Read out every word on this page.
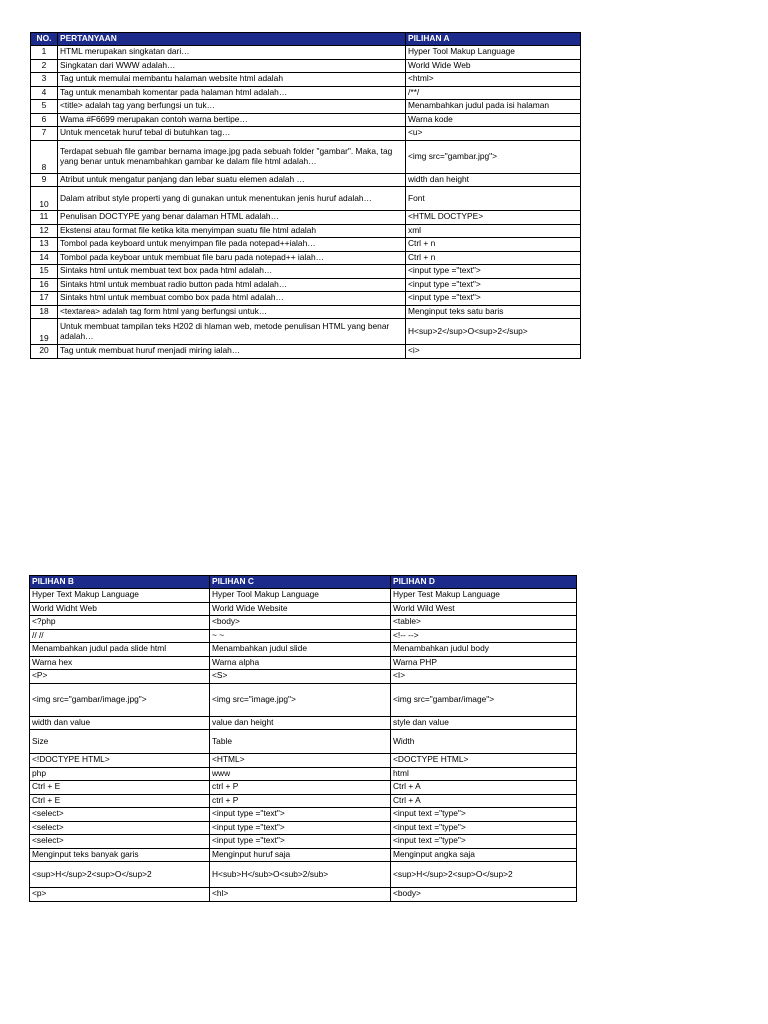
NO.	PERTANYAAN	PILIHAN A
1	HTML merupakan singkatan dari…	Hyper Tool Makup Language
2	Singkatan dari WWW adalah…	World Wide Web
3	Tag untuk memulai membantu halaman website html adalah	<html>
4	Tag untuk menambah komentar pada halaman html adalah…	/**/
5	<title> adalah tag yang berfungsi un tuk…	Menambahkan judul pada isi halaman
6	Wama #F6699 merupakan contoh warna bertipe…	Warna kode
7	Untuk mencetak huruf tebal di butuhkan tag…	<u>
8	Terdapat sebuah file gambar bernama image.jpg pada sebuah folder "gambar". Maka, tag yang benar untuk menambahkan gambar ke dalam file html adalah…	<img src="gambar.jpg">
9	Atribut untuk mengatur panjang dan lebar suatu elemen adalah …	width dan height
10	Dalam atribut style properti yang di gunakan untuk menentukan jenis huruf adalah…	Font
11	Penulisan DOCTYPE yang benar dalaman HTML adalah…	<HTML DOCTYPE>
12	Ekstensi atau format file ketika kita menyimpan suatu file html adalah	xml
13	Tombol pada keyboard untuk menyimpan file pada notepad++ialah…	Ctrl + n
14	Tombol pada keyboar untuk membuat file baru pada notepad++ ialah…	Ctrl + n
15	Sintaks html untuk membuat text box pada html adalah…	<input type ="text">
16	Sintaks html untuk membuat radio button pada html adalah…	<input type ="text">
17	Sintaks html untuk membuat combo box pada html adalah…	<input type ="text">
18	<textarea> adalah tag form html yang berfungsi untuk…	Menginput teks satu baris
19	Untuk membuat tampilan teks H202 di hlaman web, metode penulisan HTML yang benar adalah…	H<sup>2</sup>O<sup>2</sup>
20	Tag untuk membuat huruf menjadi miring ialah…	<i>
PILIHAN B	PILIHAN C	PILIHAN D
Hyper Text Makup Language	Hyper Tool Makup Language	Hyper Test Makup Language
World Widht Web	World Wide Website	World Wild West
<?php	<body>	<table>
// //	~ ~	<!-- -->
Menambahkan judul pada slide html	Menambahkan judul slide	Menambahkan judul body
Warna hex	Warna alpha	Warna PHP
<P>	<S>	<I>
<img src="gambar/image.jpg">	<img src="image.jpg">	<img src="gambar/image">
width dan value	value dan height	style dan value
Size	Table	Width
<!DOCTYPE HTML>	<HTML>	<DOCTYPE HTML>
php	www	html
Ctrl + E	ctrl + P	Ctrl + A
Ctrl + E	ctrl + P	Ctrl + A
<select>	<input type ="text">	<input text ="type">
<select>	<input type ="text">	<input text ="type">
<select>	<input type ="text">	<input text ="type">
Menginput teks banyak garis	Menginput huruf saja	Menginput angka saja
<sup>H</sup>2<sup>O</sup>2	H<sub>H</sub>O<sub>2/sub>	<sup>H</sup>2<sup>O</sup>2
<p>	<hl>	<body>
